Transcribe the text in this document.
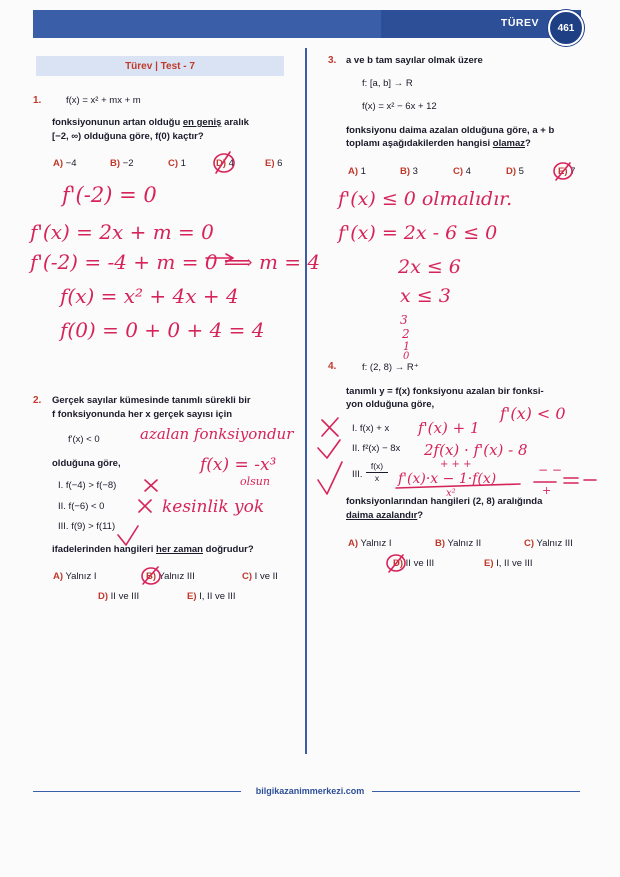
TÜREV	461
Türev | Test - 7
1.	f(x) = x² + mx + m
fonksiyonunun artan olduğu en geniş aralık
[−2, ∞) olduğuna göre, f(0) kaçtır?
A) −4	B) −2	C) 1	D) 4	E) 6
f'(-2) = 0
f'(x) = 2x + m = 0
f'(-2) = -4 + m = 0 ⟹ m = 4
f(x) = x² + 4x + 4
f(0) = 0 + 0 + 4 = 4
2. Gerçek sayılar kümesinde tanımlı sürekli bir
f fonksiyonunda her x gerçek sayısı için
f'(x) < 0
olduğuna göre,
I. f(−4) > f(−8)
II. f(−6) < 0
III. f(9) > f(11)
ifadelerinden hangileri her zaman doğrudur?
A) Yalnız I	B) Yalnız III	C) I ve II
D) II ve III	E) I, II ve III
azalan fonksiyondur
f(x) = -x³
olsun
kesinlik yok
3. a ve b tam sayılar olmak üzere
f: [a, b] → R
f(x) = x² − 6x + 12
fonksiyonu daima azalan olduğuna göre, a + b
toplamı aşağıdakilerden hangisi olamaz?
A) 1	B) 3	C) 4	D) 5	E) 7
f'(x) ≤ 0 olmalıdır.
f'(x) = 2x - 6 ≤ 0
2x ≤ 6
x ≤ 3
3
2
1
0
4.	f: (2, 8) → R⁺
tanımlı y = f(x) fonksiyonu azalan bir fonksi-
yon olduğuna göre,
I. f(x) + x
II. f²(x) − 8x
III. $\frac{f(x)}{x}$
fonksiyonlarından hangileri (2, 8) aralığında
daima azalandır?
A) Yalnız I	B) Yalnız II	C) Yalnız III
D) II ve III	E) I, II ve III
f'(x) < 0
f'(x) + 1
2f(x) · f'(x) - 8
+ + +
f'(x)·x − 1·f(x)
x²
− −
+
bilgikazanimmerkezi.com
